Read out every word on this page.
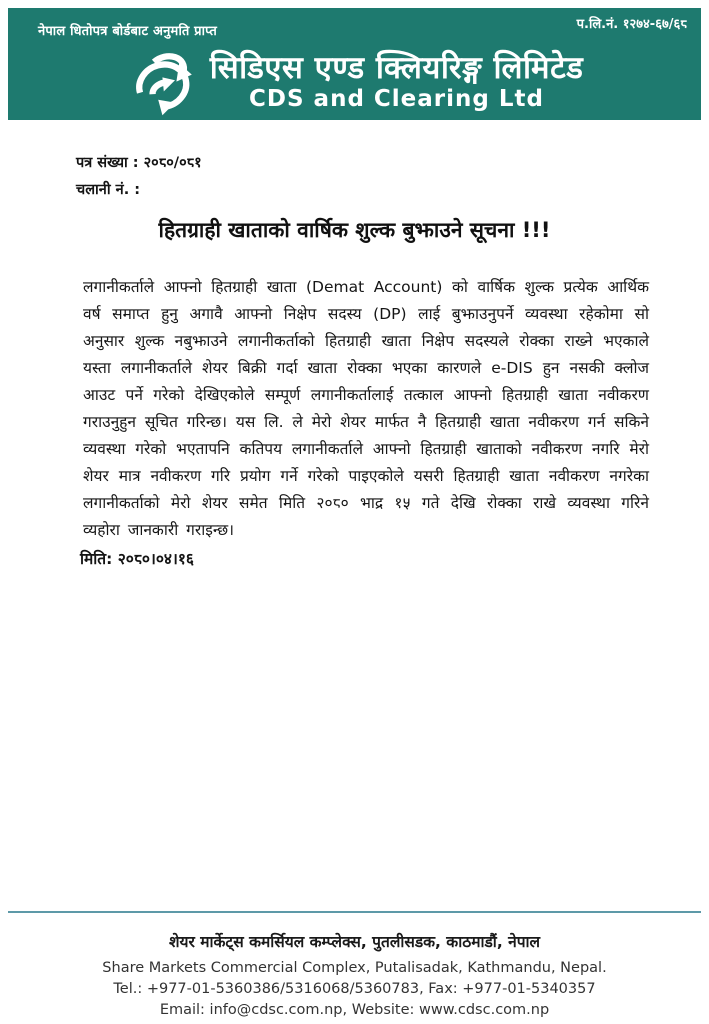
नेपाल धितोपत्र बोर्डबाट अनुमति प्राप्त	प.लि.नं. १२७४-६७/६८
सिडिएस एण्ड क्लियरिङ्ग लिमिटेड
CDS and Clearing Ltd
पत्र संख्या : २०८०/०८१
चलानी नं. :
हितग्राही खाताको वार्षिक शुल्क बुझाउने सूचना !!!
लगानीकर्ताले आफ्नो हितग्राही खाता (Demat Account) को वार्षिक शुल्क प्रत्येक आर्थिक वर्ष समाप्त हुनु अगावै आफ्नो निक्षेप सदस्य (DP) लाई बुझाउनुपर्ने व्यवस्था रहेकोमा सो अनुसार शुल्क नबुझाउने लगानीकर्ताको हितग्राही खाता निक्षेप सदस्यले रोक्का राख्ने भएकाले यस्ता लगानीकर्ताले शेयर बिक्री गर्दा खाता रोक्का भएका कारणले e-DIS हुन नसकी क्लोज आउट पर्ने गरेको देखिएकोले सम्पूर्ण लगानीकर्तालाई तत्काल आफ्नो हितग्राही खाता नवीकरण गराउनुहुन सूचित गरिन्छ। यस लि. ले मेरो शेयर मार्फत नै हितग्राही खाता नवीकरण गर्न सकिने व्यवस्था गरेको भएतापनि कतिपय लगानीकर्ताले आफ्नो हितग्राही खाताको नवीकरण नगरि मेरो शेयर मात्र नवीकरण गरि प्रयोग गर्ने गरेको पाइएकोले यसरी हितग्राही खाता नवीकरण नगरेका लगानीकर्ताको मेरो शेयर समेत मिति २०८० भाद्र १५ गते देखि रोक्का राखे व्यवस्था गरिने व्यहोरा जानकारी गराइन्छ।
मिति: २०८०।०४।१६
शेयर मार्केट्स कमर्सियल कम्प्लेक्स, पुतलीसडक, काठमाडौं, नेपाल
Share Markets Commercial Complex, Putalisadak, Kathmandu, Nepal.
Tel.: +977-01-5360386/5316068/5360783, Fax: +977-01-5340357
Email: info@cdsc.com.np, Website: www.cdsc.com.np
